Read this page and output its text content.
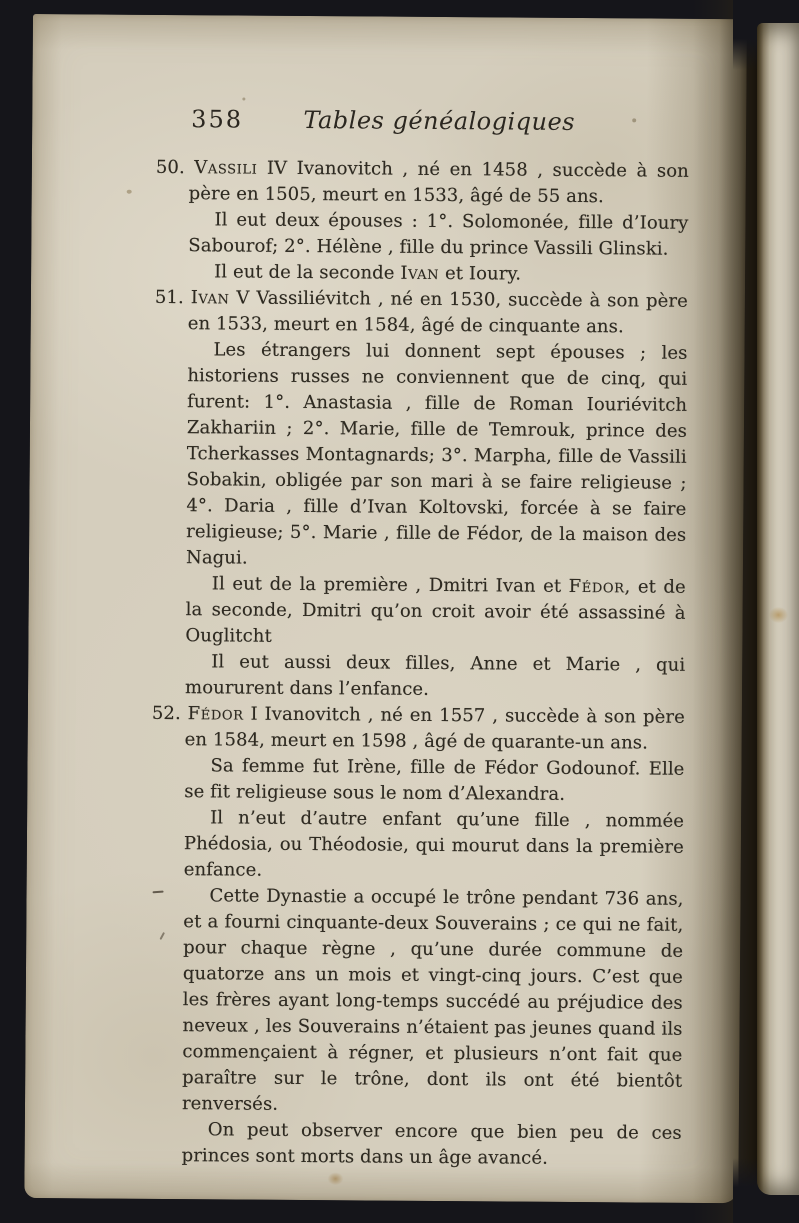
358	Tables généalogiques

50. Vassili IV Ivanovitch , né en 1458 , succède à son père en 1505, meurt en 1533, âgé de 55 ans.

Il eut deux épouses : 1°. Solomonée, fille d’Ioury Sabourof; 2°. Hélène , fille du prince Vassili Glinski.

Il eut de la seconde Ivan et Ioury.

51. Ivan V Vassiliévitch , né en 1530, succède à son père en 1533, meurt en 1584, âgé de cinquante ans.

Les étrangers lui donnent sept épouses ; les historiens russes ne conviennent que de cinq, qui furent: 1°. Anastasia , fille de Roman Iouriévitch Zakhariin ; 2°. Marie, fille de Temrouk, prince des Tcherkasses Montagnards; 3°. Marpha, fille de Vassili Sobakin, obligée par son mari à se faire religieuse ; 4°. Daria , fille d’Ivan Koltovski, forcée à se faire religieuse; 5°. Marie , fille de Fédor, de la maison des Nagui.

Il eut de la première , Dmitri Ivan et Fédor, et de la seconde, Dmitri qu’on croit avoir été assassiné à Ouglitcht

Il eut aussi deux filles, Anne et Marie , qui moururent dans l’enfance.

52. Fédor I Ivanovitch , né en 1557 , succède à son père en 1584, meurt en 1598 , âgé de quarante-un ans.

Sa femme fut Irène, fille de Fédor Godounof. Elle se fit religieuse sous le nom d’Alexandra.

Il n’eut d’autre enfant qu’une fille , nommée Phédosia, ou Théodosie, qui mourut dans la première enfance.

Cette Dynastie a occupé le trône pendant 736 ans, et a fourni cinquante-deux Souverains ; ce qui ne fait, pour chaque règne , qu’une durée commune de quatorze ans un mois et vingt-cinq jours. C’est que les frères ayant long-temps succédé au préjudice des neveux , les Souverains n’étaient pas jeunes quand ils commençaient à régner, et plusieurs n’ont fait que paraître sur le trône, dont ils ont été bientôt renversés.

On peut observer encore que bien peu de ces princes sont morts dans un âge avancé.
